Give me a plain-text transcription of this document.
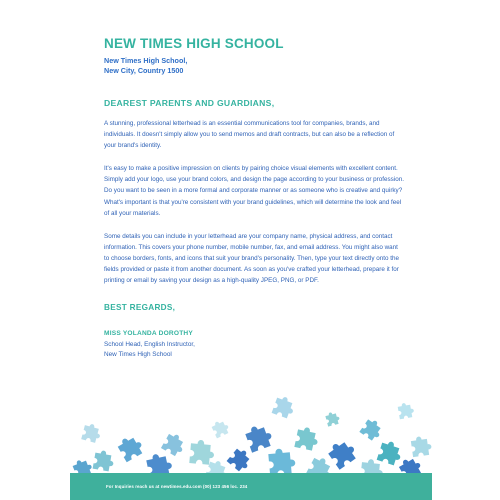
NEW TIMES HIGH SCHOOL
New Times High School,
New City, Country 1500
DEAREST PARENTS AND GUARDIANS,

A stunning, professional letterhead is an essential communications tool for companies, brands, and individuals. It doesn't simply allow you to send memos and draft contracts, but can also be a reflection of your brand's identity.

It's easy to make a positive impression on clients by pairing choice visual elements with excellent content. Simply add your logo, use your brand colors, and design the page according to your business or profession. Do you want to be seen in a more formal and corporate manner or as someone who is creative and quirky? What's important is that you're consistent with your brand guidelines, which will determine the look and feel of all your materials.

Some details you can include in your letterhead are your company name, physical address, and contact information. This covers your phone number, mobile number, fax, and email address. You might also want to choose borders, fonts, and icons that suit your brand's personality. Then, type your text directly onto the fields provided or paste it from another document. As soon as you've crafted your letterhead, prepare it for printing or email by saving your design as a high-quality JPEG, PNG, or PDF.

BEST REGARDS,
MISS YOLANDA DOROTHY
School Head, English Instructor,
New Times High School
For Inquiries reach us at newtimes.edu.com (00) 123 456 loc. 234
